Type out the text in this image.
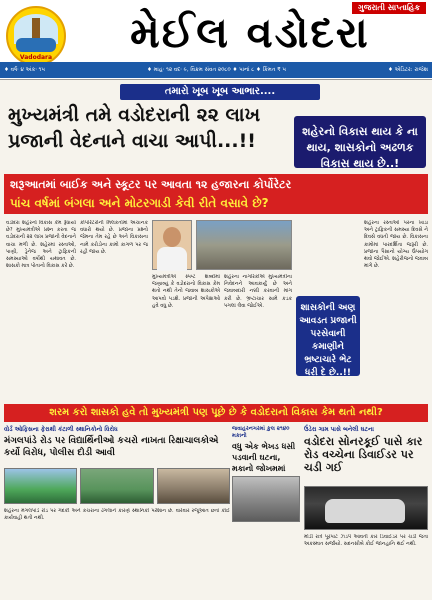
Vadodara
ગુજરાતી સાપ્તાહિક
મેઈલ વડોદરા
♦ વર્ષઃ ૪ અંકઃ ૧૫	♦ માહઃ ૧૨ વદઃ ૯, વિક્રમ સંવત ૨૦૮૦ ♦ પાનાં ૮ ♦ કિંમત ₹ ૫	♦ એડિટર: રાજેશ
તમારો ખૂબ ખૂબ આભાર....
મુખ્યમંત્રી તમે વડોદરાની ૨૨ લાખ પ્રજાની વેદનાને વાચા આપી...!!	શહેરનો વિકાસ થાય કે ના થાય, શાસકોનો અઢળક વિકાસ થાય છે..!
શરૂઆતમાં બાઈક અને સ્કૂટર પર આવતા ૧૨ હજારના કોર્પોરેટર
પાંચ વર્ષમાં બંગલા અને મોટરગાડી કેવી રીતે વસાવે છે?
વડોદરા શહેરનો વિકાસ કેમ રૂંધાયો છે? મુખ્યમંત્રીએ પ્રશ્ન કરતા જ વડોદરાની ૨૨ લાખ પ્રજાની વેદનાને વાચા મળી છે. શહેરમાં રસ્તાઓ, પાણી, ડ્રેનેજ અને ટ્રાફિકની સમસ્યાઓ વર્ષોથી યથાવત છે. શાસકો માત્ર પોતાનો વિકાસ કરે છે.
કોર્પોરેટરોની મિલકતોમાં અચાનક વધારો થયો છે. પ્રજાના પ્રશ્નો જેમના તેમ રહે છે અને વિકાસના નામે કરોડોના કામો કાગળ પર જ રહી જાય છે.
મુખ્યમંત્રીએ સ્પષ્ટ શબ્દોમાં જણાવ્યું કે વડોદરાનો વિકાસ કેમ થતો નથી તેનો જવાબ શાસકોએ આપવો પડશે. પ્રજાની અપેક્ષાઓ હવે વધુ છે.
શહેરના નાગરિકોએ મુખ્યમંત્રીના નિવેદનને આવકાર્યું છે અને જવાબદારી નક્કી કરવાની માંગ કરી છે. ભ્રષ્ટાચાર સામે કડક પગલાં લેવા જોઈએ.	શાસકોની અણ આવડત પ્રજાની પરસેવાની કમાણીને ભ્રષ્ટાચારે ભેટ ધરી દે છે..!!
શહેરના રસ્તાઓ પરના ખાડા અને ટ્રાફિકની સમસ્યા દિવસે ને દિવસે વધતી જાય છે. વિકાસના કામોમાં પારદર્શિતા જરૂરી છે. પ્રજાના પૈસાનો યોગ્ય ઉપયોગ થવો જોઈએ. શહેરીજનો જવાબ માંગે છે.
શરમ કરો શાસકો હવે તો મુખ્યમંત્રી પણ પૂછે છે કે વડોદરાનો વિકાસ કેમ થતો નથી?
વોર્ડ ઓફિસના ફેરાથી કંટાળી સ્થાનિકોનો વિરોધ
મંગલપાંડે રોડ પર વિદ્યાર્થિનીઓ કચરો નાખતા રિક્ષાચાલકોએ કર્યો વિરોધ, પોલીસ દોડી આવી
શહેરના મંગલપાંડે રોડ પર ગંદકી અને કચરાના ઢગલાને કારણે સ્થાનિકો પરેશાન છે. વારંવાર રજૂઆત છતાં કોઈ કાર્યવાહી થતી નથી.
જવાહરનગરમાં કુલ ૨૧૪૦ મકાનો
વધુ એક ભેખડ ધસી પડવાની ઘટના, મકાનો જોખમમાં
ઉંડેરા ગામ પાસે બનેલી ઘટના
વડોદરા સોનરકૂઈ પાસે કાર રોડ વચ્ચેના ડિવાઈડર પર ચડી ગઈ
મોડી રાત્રે પૂરપાટ ઝડપે આવતી કાર ડિવાઈડર પર ચડી જતા અકસ્માત સર્જાયો. સદનસીબે કોઈ જાનહાનિ થઈ નથી.
